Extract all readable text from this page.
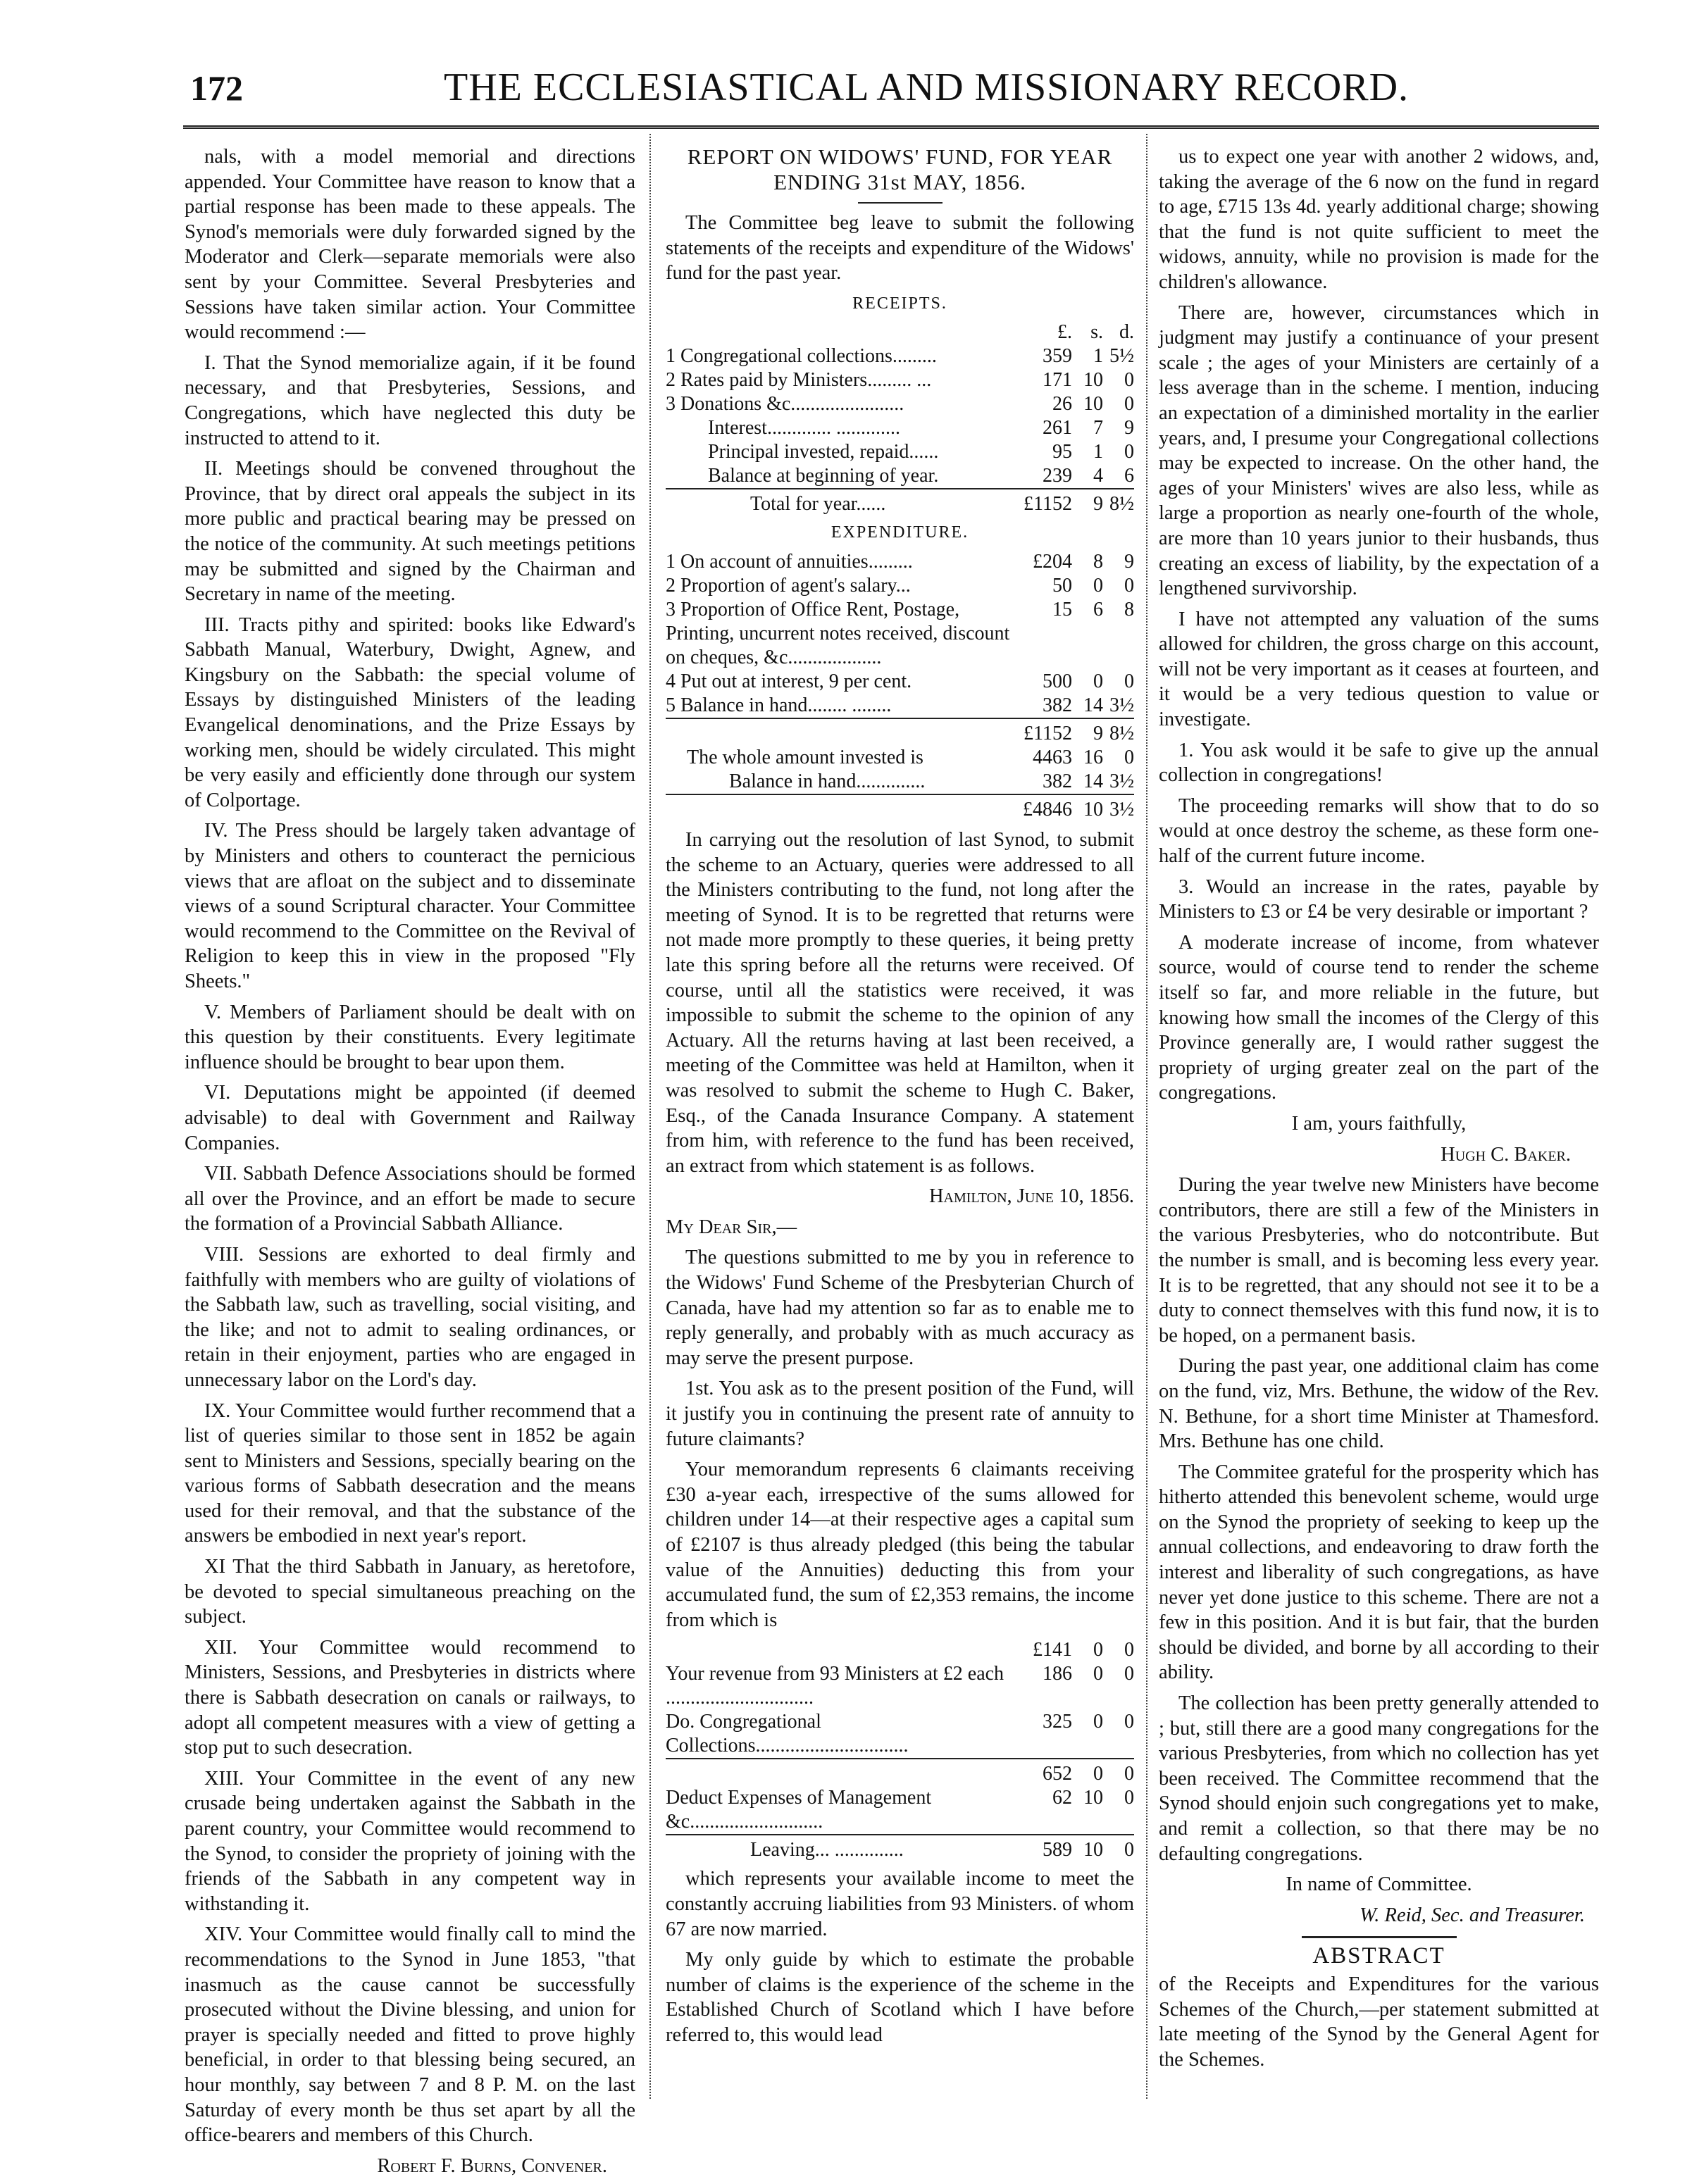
172	THE ECCLESIASTICAL AND MISSIONARY RECORD.

nals, with a model memorial and directions appended. Your Committee have reason to know that a partial response has been made to these appeals. The Synod's memorials were duly forwarded signed by the Moderator and Clerk—separate memorials were also sent by your Committee. Several Presbyteries and Sessions have taken similar action. Your Committee would recommend :—

I. That the Synod memorialize again, if it be found necessary, and that Presbyteries, Sessions, and Congregations, which have neglected this duty be instructed to attend to it.

II. Meetings should be convened throughout the Province, that by direct oral appeals the subject in its more public and practical bearing may be pressed on the notice of the community. At such meetings petitions may be submitted and signed by the Chairman and Secretary in name of the meeting.

III. Tracts pithy and spirited: books like Edward's Sabbath Manual, Waterbury, Dwight, Agnew, and Kingsbury on the Sabbath: the special volume of Essays by distinguished Ministers of the leading Evangelical denominations, and the Prize Essays by working men, should be widely circulated. This might be very easily and efficiently done through our system of Colportage.

IV. The Press should be largely taken advantage of by Ministers and others to counteract the pernicious views that are afloat on the subject and to disseminate views of a sound Scriptural character. Your Committee would recommend to the Committee on the Revival of Religion to keep this in view in the proposed "Fly Sheets."

V. Members of Parliament should be dealt with on this question by their constituents. Every legitimate influence should be brought to bear upon them.

VI. Deputations might be appointed (if deemed advisable) to deal with Government and Railway Companies.

VII. Sabbath Defence Associations should be formed all over the Province, and an effort be made to secure the formation of a Provincial Sabbath Alliance.

VIII. Sessions are exhorted to deal firmly and faithfully with members who are guilty of violations of the Sabbath law, such as travelling, social visiting, and the like; and not to admit to sealing ordinances, or retain in their enjoyment, parties who are engaged in unnecessary labor on the Lord's day.

IX. Your Committee would further recommend that a list of queries similar to those sent in 1852 be again sent to Ministers and Sessions, specially bearing on the various forms of Sabbath desecration and the means used for their removal, and that the substance of the answers be embodied in next year's report.

XI That the third Sabbath in January, as heretofore, be devoted to special simultaneous preaching on the subject.

XII. Your Committee would recommend to Ministers, Sessions, and Presbyteries in districts where there is Sabbath desecration on canals or railways, to adopt all competent measures with a view of getting a stop put to such desecration.

XIII. Your Committee in the event of any new crusade being undertaken against the Sabbath in the parent country, your Committee would recommend to the Synod, to consider the propriety of joining with the friends of the Sabbath in any competent way in withstanding it.

XIV. Your Committee would finally call to mind the recommendations to the Synod in June 1853, "that inasmuch as the cause cannot be successfully prosecuted without the Divine blessing, and union for prayer is specially needed and fitted to prove highly beneficial, in order to that blessing being secured, an hour monthly, say between 7 and 8 P. M. on the last Saturday of every month be thus set apart by all the office-bearers and members of this Church.

Robert F. Burns, Convener.

REPORT ON WIDOWS' FUND, FOR YEAR ENDING 31st MAY, 1856.

The Committee beg leave to submit the following statements of the receipts and expenditure of the Widows' fund for the past year.

RECEIPTS.
	£.	s.	d.
1 Congregational collections.........	359	1	5½
2 Rates paid by Ministers......... ...	171	10	0
3 Donations &c.......................	26	10	0
Interest............. .............	261	7	9
Principal invested, repaid......	95	1	0
Balance at beginning of year.	239	4	6
Total for year......	£1152	9	8½
EXPENDITURE.
1 On account of annuities.........	£204	8	9
2 Proportion of agent's salary...	50	0	0
3 Proportion of Office Rent, Postage, Printing, uncurrent notes received, discount on cheques, &c...................	15	6	8
4 Put out at interest, 9 per cent.	500	0	0
5 Balance in hand........ ........	382	14	3½
	£1152	9	8½
The whole amount invested is	4463	16	0
Balance in hand..............	382	14	3½
	£4846	10	3½

In carrying out the resolution of last Synod, to submit the scheme to an Actuary, queries were addressed to all the Ministers contributing to the fund, not long after the meeting of Synod. It is to be regretted that returns were not made more promptly to these queries, it being pretty late this spring before all the returns were received. Of course, until all the statistics were received, it was impossible to submit the scheme to the opinion of any Actuary. All the returns having at last been received, a meeting of the Committee was held at Hamilton, when it was resolved to submit the scheme to Hugh C. Baker, Esq., of the Canada Insurance Company. A statement from him, with reference to the fund has been received, an extract from which statement is as follows.

Hamilton, June 10, 1856.

My Dear Sir,—

The questions submitted to me by you in reference to the Widows' Fund Scheme of the Presbyterian Church of Canada, have had my attention so far as to enable me to reply generally, and probably with as much accuracy as may serve the present purpose.

1st. You ask as to the present position of the Fund, will it justify you in continuing the present rate of annuity to future claimants?

Your memorandum represents 6 claimants receiving £30 a-year each, irrespective of the sums allowed for children under 14—at their respective ages a capital sum of £2107 is thus already pledged (this being the tabular value of the Annuities) deducting this from your accumulated fund, the sum of £2,353 remains, the income from which is

	£141	0	0
Your revenue from 93 Ministers at £2 each ..............................	186	0	0
Do. Congregational Collections...............................	325	0	0
	652	0	0
Deduct Expenses of Management &c...........................	62	10	0
Leaving... ..............	589	10	0

which represents your available income to meet the constantly accruing liabilities from 93 Ministers. of whom 67 are now married.

My only guide by which to estimate the probable number of claims is the experience of the scheme in the Established Church of Scotland which I have before referred to, this would lead

us to expect one year with another 2 widows, and, taking the average of the 6 now on the fund in regard to age, £715 13s 4d. yearly additional charge; showing that the fund is not quite sufficient to meet the widows, annuity, while no provision is made for the children's allowance.

There are, however, circumstances which in judgment may justify a continuance of your present scale ; the ages of your Ministers are certainly of a less average than in the scheme. I mention, inducing an expectation of a diminished mortality in the earlier years, and, I presume your Congregational collections may be expected to increase. On the other hand, the ages of your Ministers' wives are also less, while as large a proportion as nearly one-fourth of the whole, are more than 10 years junior to their husbands, thus creating an excess of liability, by the expectation of a lengthened survivorship.

I have not attempted any valuation of the sums allowed for children, the gross charge on this account, will not be very important as it ceases at fourteen, and it would be a very tedious question to value or investigate.

1. You ask would it be safe to give up the annual collection in congregations!

The proceeding remarks will show that to do so would at once destroy the scheme, as these form one-half of the current future income.

3. Would an increase in the rates, payable by Ministers to £3 or £4 be very desirable or important ?

A moderate increase of income, from whatever source, would of course tend to render the scheme itself so far, and more reliable in the future, but knowing how small the incomes of the Clergy of this Province generally are, I would rather suggest the propriety of urging greater zeal on the part of the congregations.

I am, yours faithfully,

Hugh C. Baker.

During the year twelve new Ministers have become contributors, there are still a few of the Ministers in the various Presbyteries, who do notcontribute. But the number is small, and is becoming less every year. It is to be regretted, that any should not see it to be a duty to connect themselves with this fund now, it is to be hoped, on a permanent basis.

During the past year, one additional claim has come on the fund, viz, Mrs. Bethune, the widow of the Rev. N. Bethune, for a short time Minister at Thamesford. Mrs. Bethune has one child.

The Commitee grateful for the prosperity which has hitherto attended this benevolent scheme, would urge on the Synod the propriety of seeking to keep up the annual collections, and endeavoring to draw forth the interest and liberality of such congregations, as have never yet done justice to this scheme. There are not a few in this position. And it is but fair, that the burden should be divided, and borne by all according to their ability.

The collection has been pretty generally attended to ; but, still there are a good many congregations for the various Presbyteries, from which no collection has yet been received. The Committee recommend that the Synod should enjoin such congregations yet to make, and remit a collection, so that there may be no defaulting congregations.

In name of Committee.

W. Reid, Sec. and Treasurer.

ABSTRACT

of the Receipts and Expenditures for the various Schemes of the Church,—per statement submitted at late meeting of the Synod by the General Agent for the Schemes.
